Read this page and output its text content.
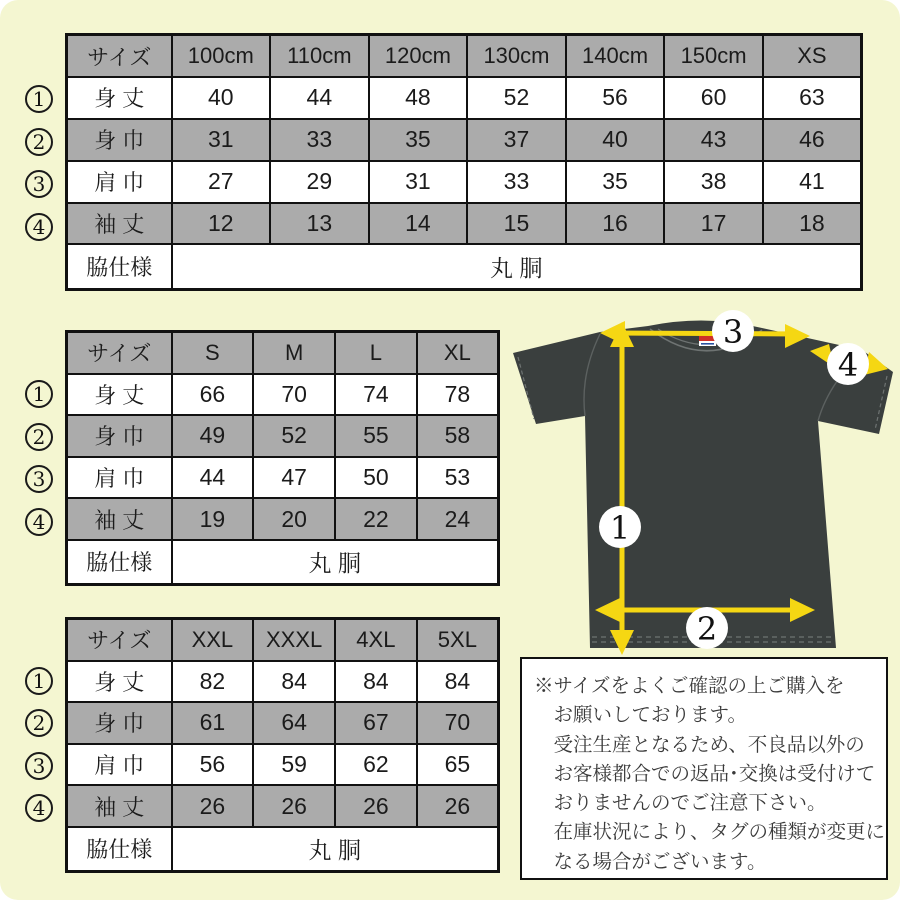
サイズ	100cm	110cm	120cm	130cm	140cm	150cm	XS
身 丈	40	44	48	52	56	60	63
身 巾	31	33	35	37	40	43	46
肩 巾	27	29	31	33	35	38	41
袖 丈	12	13	14	15	16	17	18
脇仕様	丸 胴						
サイズ	S	M	L	XL
身 丈	66	70	74	78
身 巾	49	52	55	58
肩 巾	44	47	50	53
袖 丈	19	20	22	24
脇仕様	丸 胴			
サイズ	XXL	XXXL	4XL	5XL
身 丈	82	84	84	84
身 巾	61	64	67	70
肩 巾	56	59	62	65
袖 丈	26	26	26	26
脇仕様	丸 胴			
1
2
3
4
1
2
3
4
1
2
3
4
1
2
3
4
※サイズをよくご確認の上ご購入を
お願いしております。
受注生産となるため、不良品以外の
お客様都合での返品･交換は受付けて
おりませんのでご注意下さい。
在庫状況により、タグの種類が変更に
なる場合がございます。
